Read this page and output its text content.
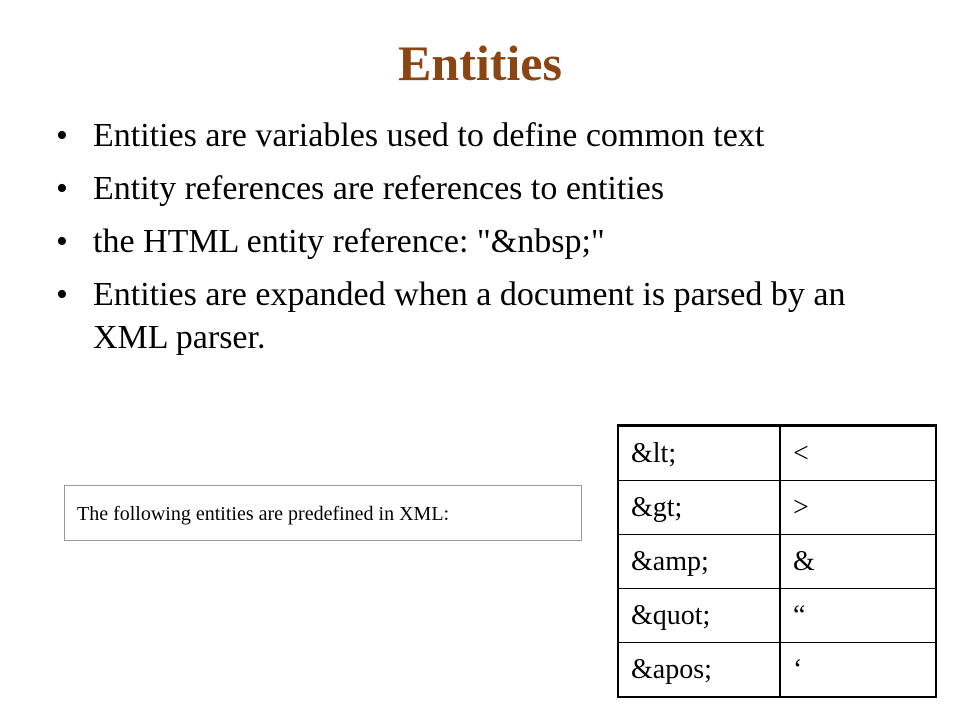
Entities
• Entities are variables used to define common text
• Entity references are references to entities
• the HTML entity reference: "&nbsp;"
• Entities are expanded when a document is parsed by an XML parser.
The following entities are predefined in XML:
&lt;	<
&gt;	>
&amp;	&
&quot;	“
&apos;	‘
